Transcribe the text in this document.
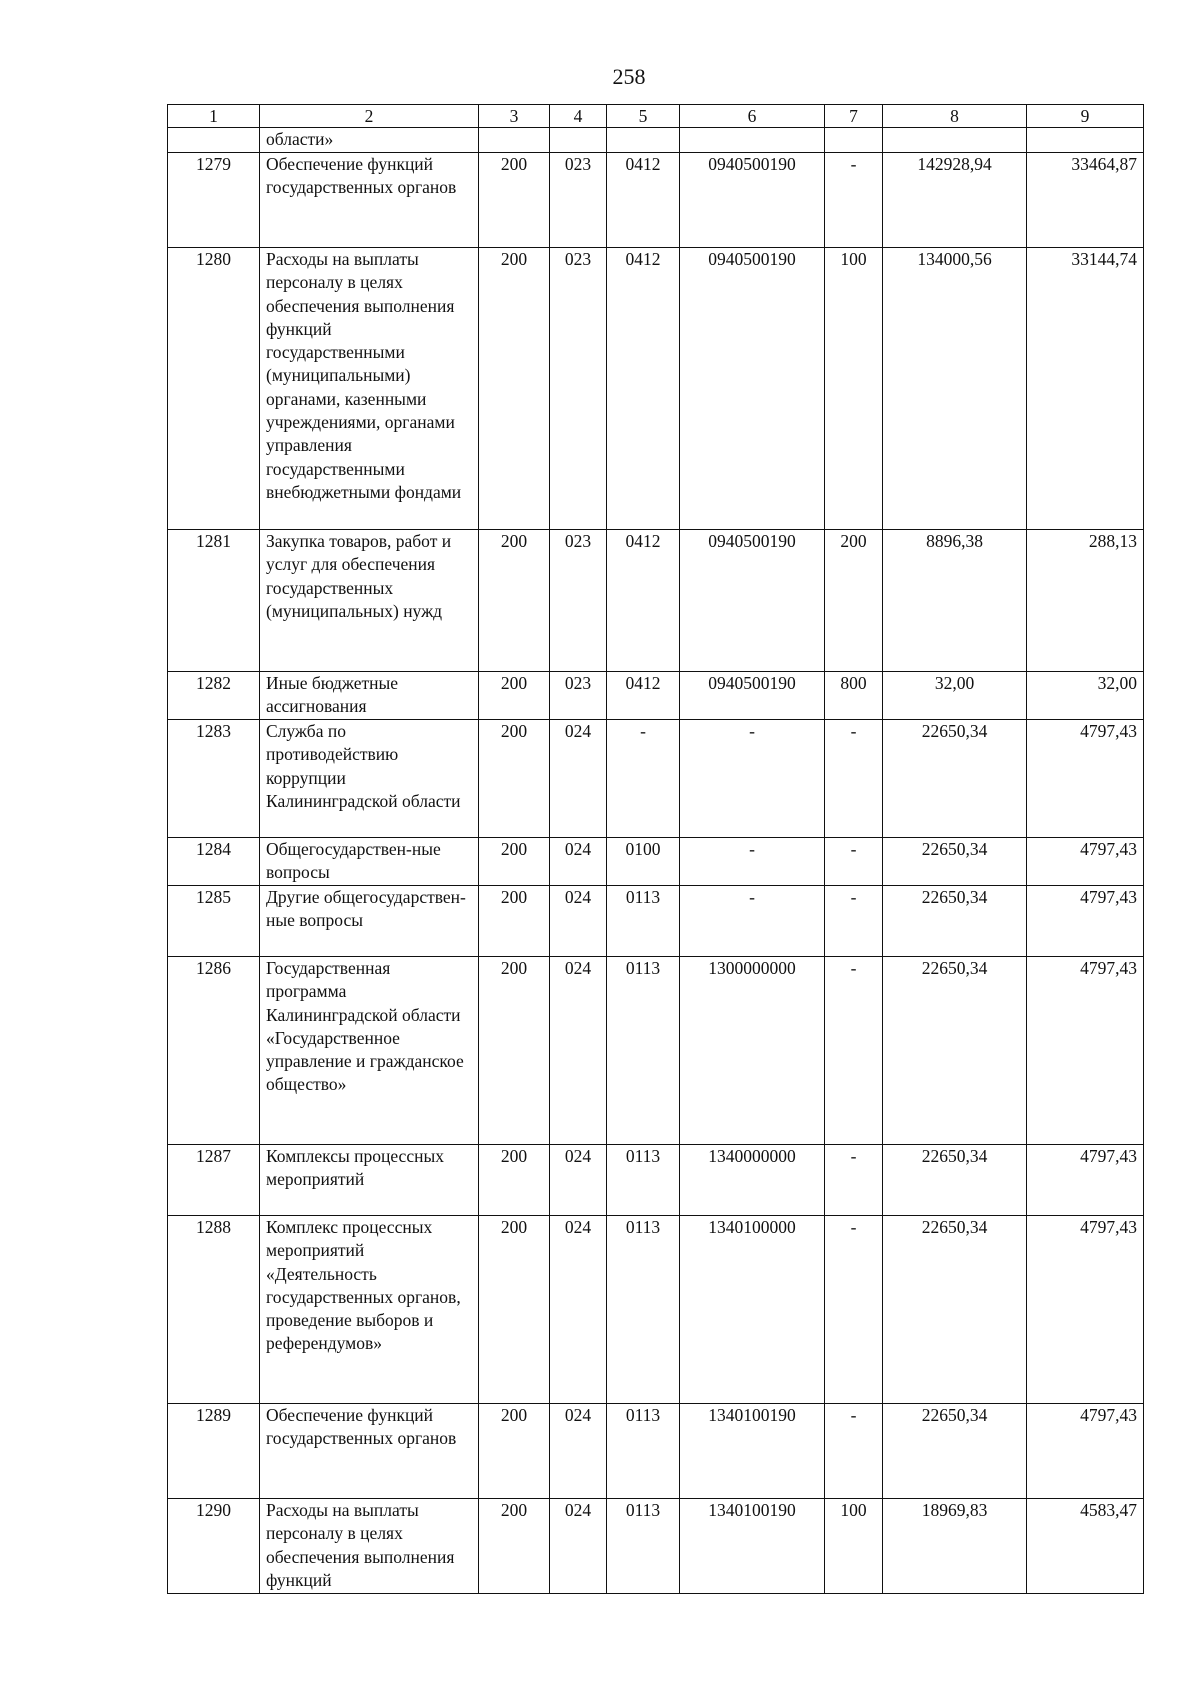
258
1	2	3	4	5	6	7	8	9
	области»							
1279	Обеспечение функций государственных органов	200	023	0412	0940500190	-	142928,94	33464,87
1280	Расходы на выплаты персоналу в целях обеспечения выполнения функций государственными (муниципальными) органами, казенными учреждениями, органами управления государственными внебюджетными фондами	200	023	0412	0940500190	100	134000,56	33144,74
1281	Закупка товаров, работ и услуг для обеспечения государственных (муниципальных) нужд	200	023	0412	0940500190	200	8896,38	288,13
1282	Иные бюджетные ассигнования	200	023	0412	0940500190	800	32,00	32,00
1283	Служба по противодействию коррупции Калининградской области	200	024	-	-	-	22650,34	4797,43
1284	Общегосударствен-ные вопросы	200	024	0100	-	-	22650,34	4797,43
1285	Другие общегосударствен-ные вопросы	200	024	0113	-	-	22650,34	4797,43
1286	Государственная программа Калининградской области «Государственное управление и гражданское общество»	200	024	0113	1300000000	-	22650,34	4797,43
1287	Комплексы процессных мероприятий	200	024	0113	1340000000	-	22650,34	4797,43
1288	Комплекс процессных мероприятий «Деятельность государственных органов, проведение выборов и референдумов»	200	024	0113	1340100000	-	22650,34	4797,43
1289	Обеспечение функций государственных органов	200	024	0113	1340100190	-	22650,34	4797,43
1290	Расходы на выплаты персоналу в целях обеспечения выполнения функций	200	024	0113	1340100190	100	18969,83	4583,47
